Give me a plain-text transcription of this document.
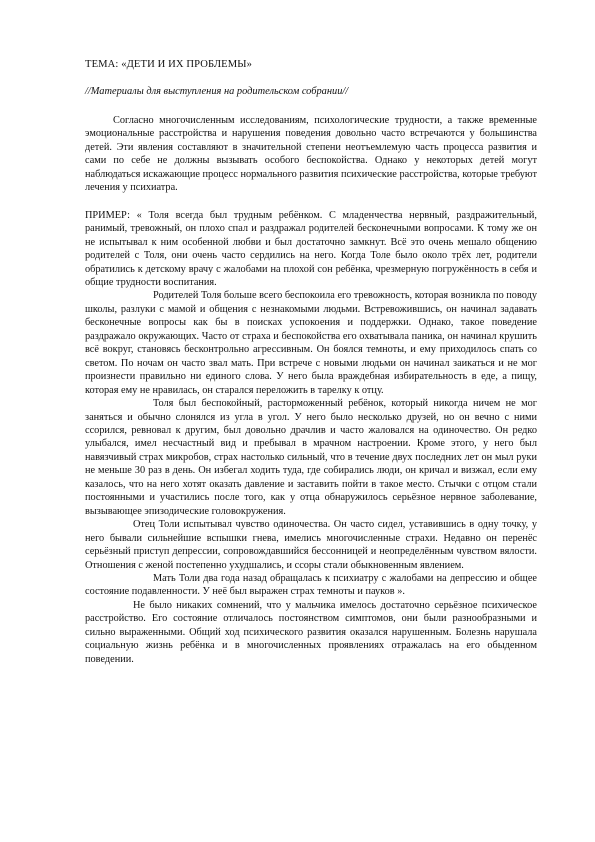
ТЕМА: «ДЕТИ И ИХ ПРОБЛЕМЫ»

//Материалы для выступления на родительском собрании//

Согласно многочисленным исследованиям, психологические трудности, а также временные эмоциональные расстройства и нарушения поведения довольно часто встречаются у большинства детей. Эти явления составляют в значительной степени неотъемлемую часть процесса развития и сами по себе не должны вызывать особого беспокойства. Однако у некоторых детей могут наблюдаться искажающие процесс нормального развития психические расстройства, которые требуют лечения у психиатра.

ПРИМЕР: « Толя всегда был трудным ребёнком. С младенчества нервный, раздражительный, ранимый, тревожный, он плохо спал и раздражал родителей бесконечными вопросами. К тому же он не испытывал к ним особенной любви и был достаточно замкнут. Всё это очень мешало общению родителей с Толя, они очень часто сердились на него. Когда Толе было около трёх лет, родители обратились к детскому врачу с жалобами на плохой сон ребёнка, чрезмерную погружённость в себя и общие трудности воспитания.

Родителей Толя больше всего беспокоила его тревожность, которая возникла по поводу школы, разлуки с мамой и общения с незнакомыми людьми. Встревожившись, он начинал задавать бесконечные вопросы как бы в поисках успокоения и поддержки. Однако, такое поведение раздражало окружающих. Часто от страха и беспокойства его охватывала паника, он начинал крушить всё вокруг, становясь бесконтрольно агрессивным. Он боялся темноты, и ему приходилось спать со светом. По ночам он часто звал мать. При встрече с новыми людьми он начинал заикаться и не мог произнести правильно ни единого слова. У него была враждебная избирательность в еде, а пищу, которая ему не нравилась, он старался переложить в тарелку к отцу.

Толя был беспокойный, расторможенный ребёнок, который никогда ничем не мог заняться и обычно слонялся из угла в угол. У него было несколько друзей, но он вечно с ними ссорился, ревновал к другим, был довольно драчлив и часто жаловался на одиночество. Он редко улыбался, имел несчастный вид и пребывал в мрачном настроении. Кроме этого, у него был навязчивый страх микробов, страх настолько сильный, что в течение двух последних лет он мыл руки не меньше 30 раз в день. Он избегал ходить туда, где собирались люди, он кричал и визжал, если ему казалось, что на него хотят оказать давление и заставить пойти в такое место. Стычки с отцом стали постоянными и участились после того, как у отца обнаружилось серьёзное нервное заболевание, вызывающее эпизодические головокружения.

Отец Толи испытывал чувство одиночества. Он часто сидел, уставившись в одну точку, у него бывали сильнейшие вспышки гнева, имелись многочисленные страхи. Недавно он перенёс серьёзный приступ депрессии, сопровождавшийся бессонницей и неопределённым чувством вялости. Отношения с женой постепенно ухудшались, и ссоры стали обыкновенным явлением.

Мать Толи два года назад обращалась к психиатру с жалобами на депрессию и общее состояние подавленности. У неё был выражен страх темноты и пауков ».

Не было никаких сомнений, что у мальчика имелось достаточно серьёзное психическое расстройство. Его состояние отличалось постоянством симптомов, они были разнообразными и сильно выраженными. Общий ход психического развития оказался нарушенным. Болезнь нарушала социальную жизнь ребёнка и в многочисленных проявлениях отражалась на его обыденном поведении.
